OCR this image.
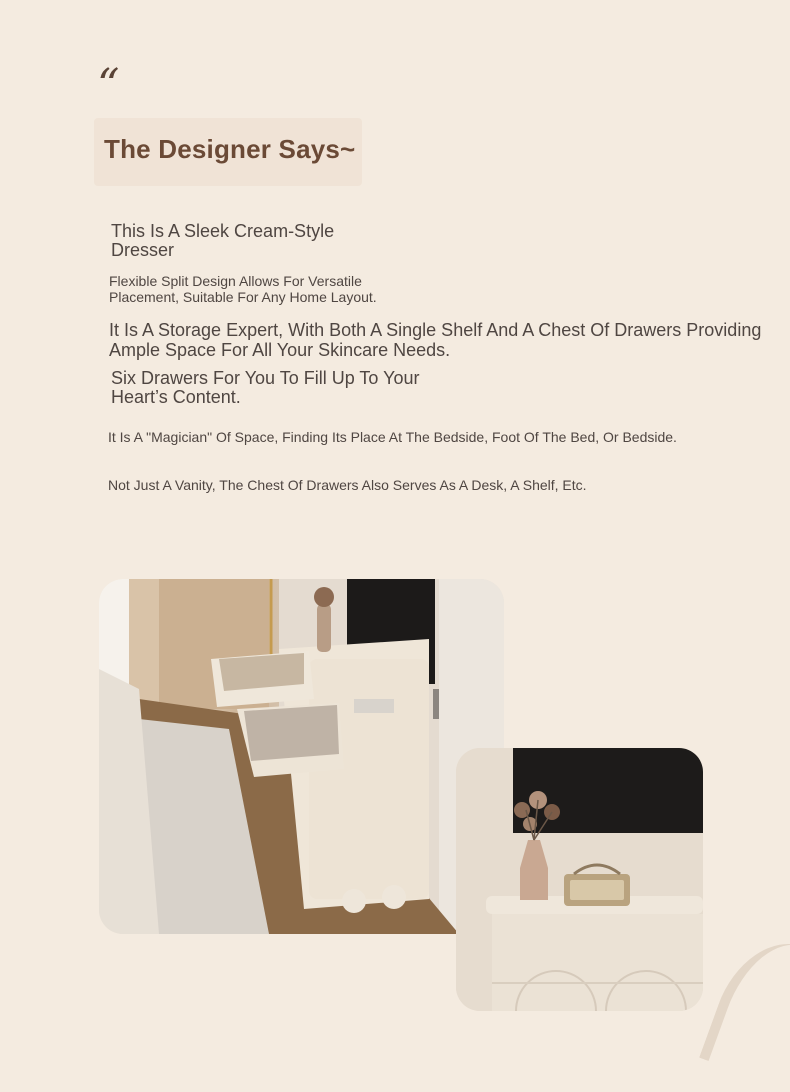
“
The Designer Says~

This Is A Sleek Cream-Style Dresser

Flexible Split Design Allows For Versatile Placement, Suitable For Any Home Layout.

It Is A Storage Expert, With Both A Single Shelf And A Chest Of Drawers Providing Ample Space For All Your Skincare Needs.

Six Drawers For You To Fill Up To Your Heart’s Content.

It Is A "Magician" Of Space, Finding Its Place At The Bedside, Foot Of The Bed, Or Bedside.

Not Just A Vanity, The Chest Of Drawers Also Serves As A Desk, A Shelf, Etc.
